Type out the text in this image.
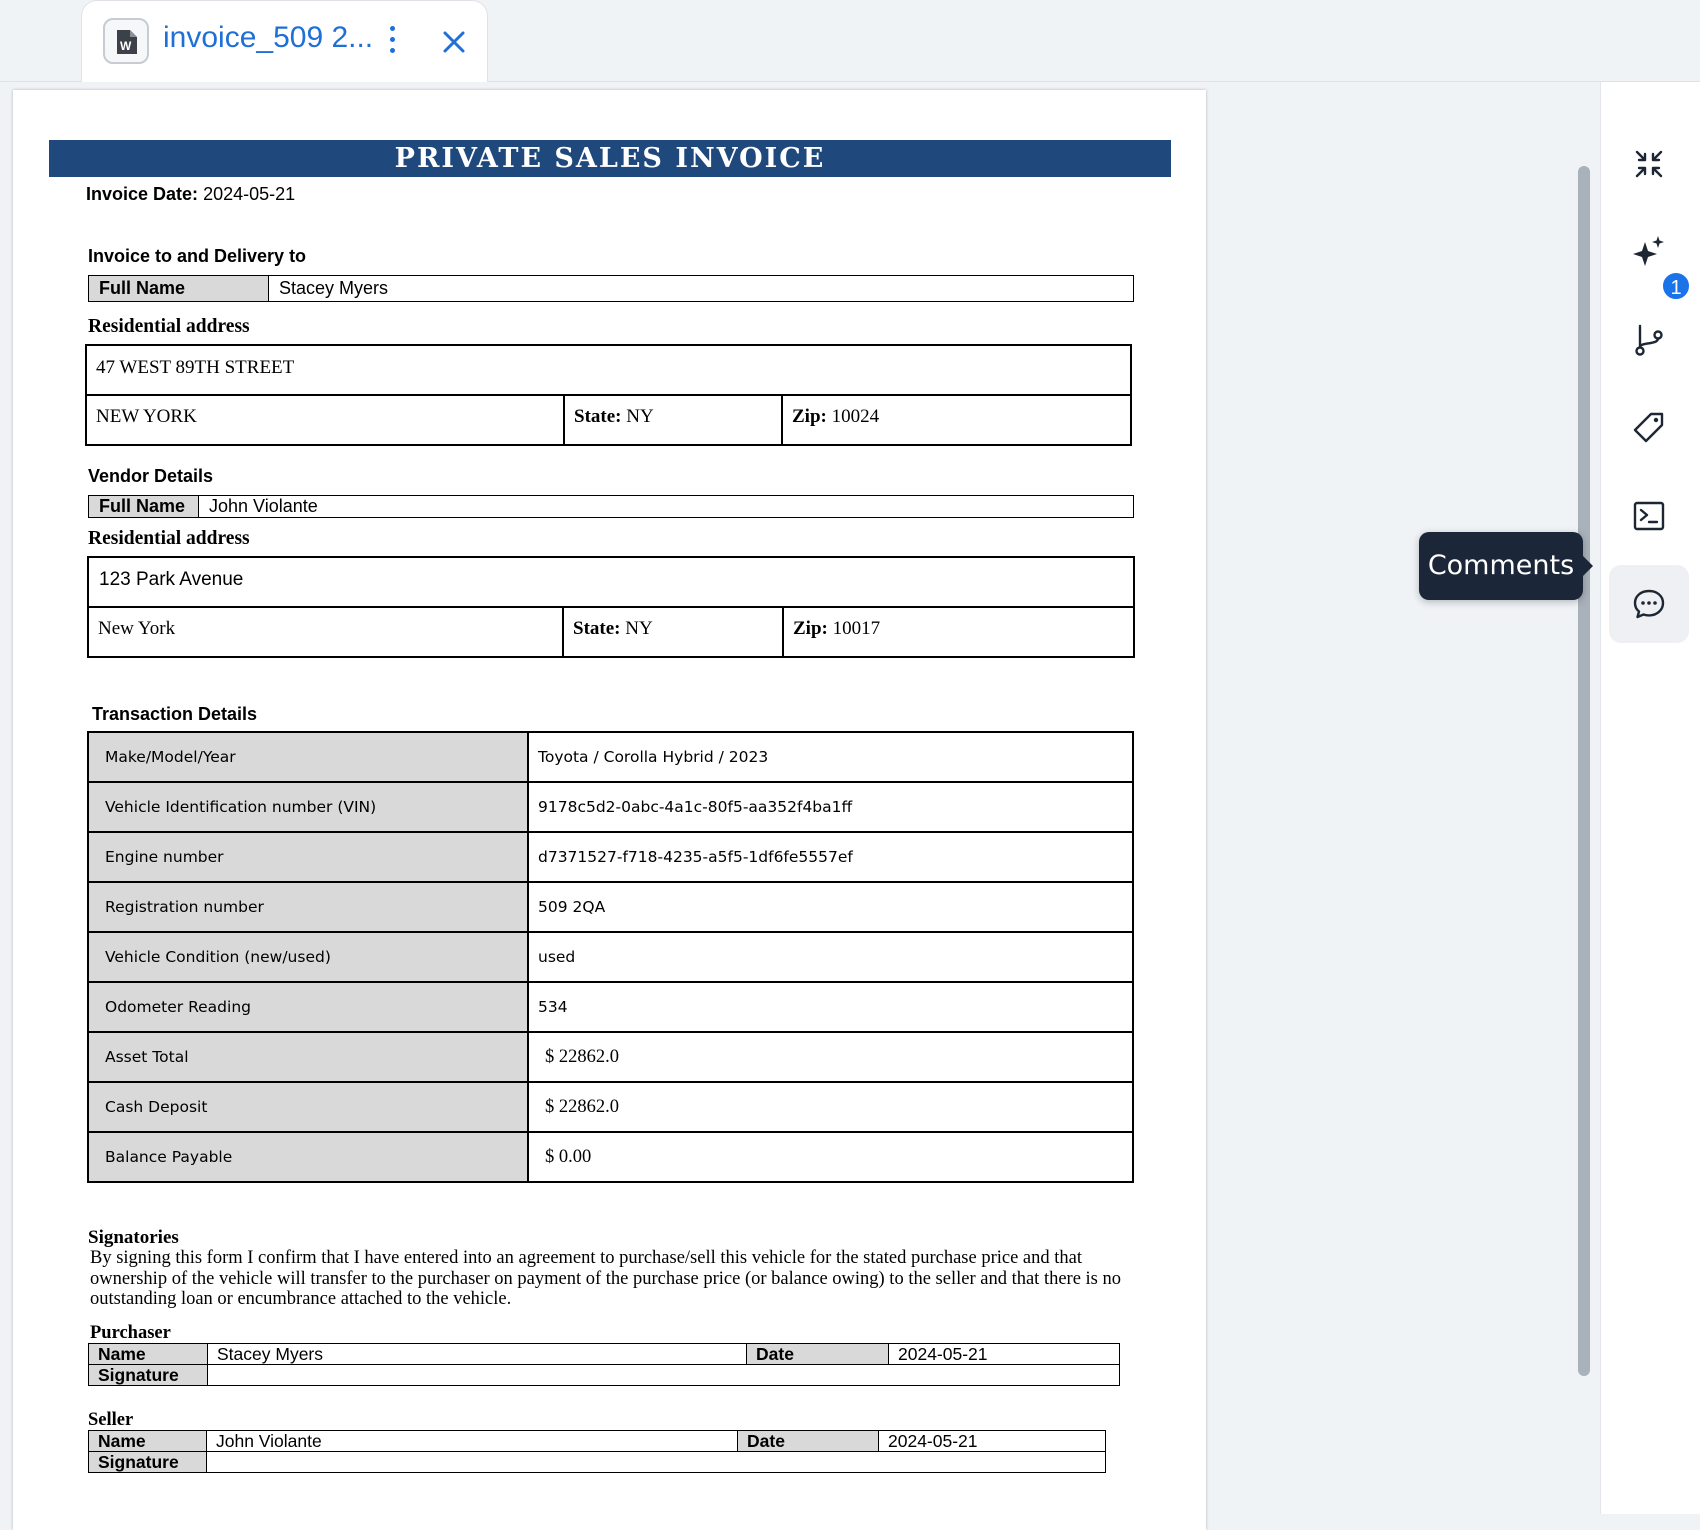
W invoice_509 2...
PRIVATE SALES INVOICE
Invoice Date: 2024-05-21
Invoice to and Delivery to
Full Name	Stacey Myers
Residential address
47 WEST 89TH STREET
NEW YORK	State: NY	Zip: 10024
Vendor Details
Full Name	John Violante
Residential address
123 Park Avenue
New York	State: NY	Zip: 10017
Transaction Details
Make/Model/Year	Toyota / Corolla Hybrid / 2023
Vehicle Identification number (VIN)	9178c5d2-0abc-4a1c-80f5-aa352f4ba1ff
Engine number	d7371527-f718-4235-a5f5-1df6fe5557ef
Registration number	509 2QA
Vehicle Condition (new/used)	used
Odometer Reading	534
Asset Total	$ 22862.0
Cash Deposit	$ 22862.0
Balance Payable	$ 0.00
Signatories
By signing this form I confirm that I have entered into an agreement to purchase/sell this vehicle for the stated purchase price and that ownership of the vehicle will transfer to the purchaser on payment of the purchase price (or balance owing) to the seller and that there is no outstanding loan or encumbrance attached to the vehicle.
Purchaser
Name	Stacey Myers	Date	2024-05-21
Signature			
Seller
Name	John Violante	Date	2024-05-21
Signature			
1
Comments
